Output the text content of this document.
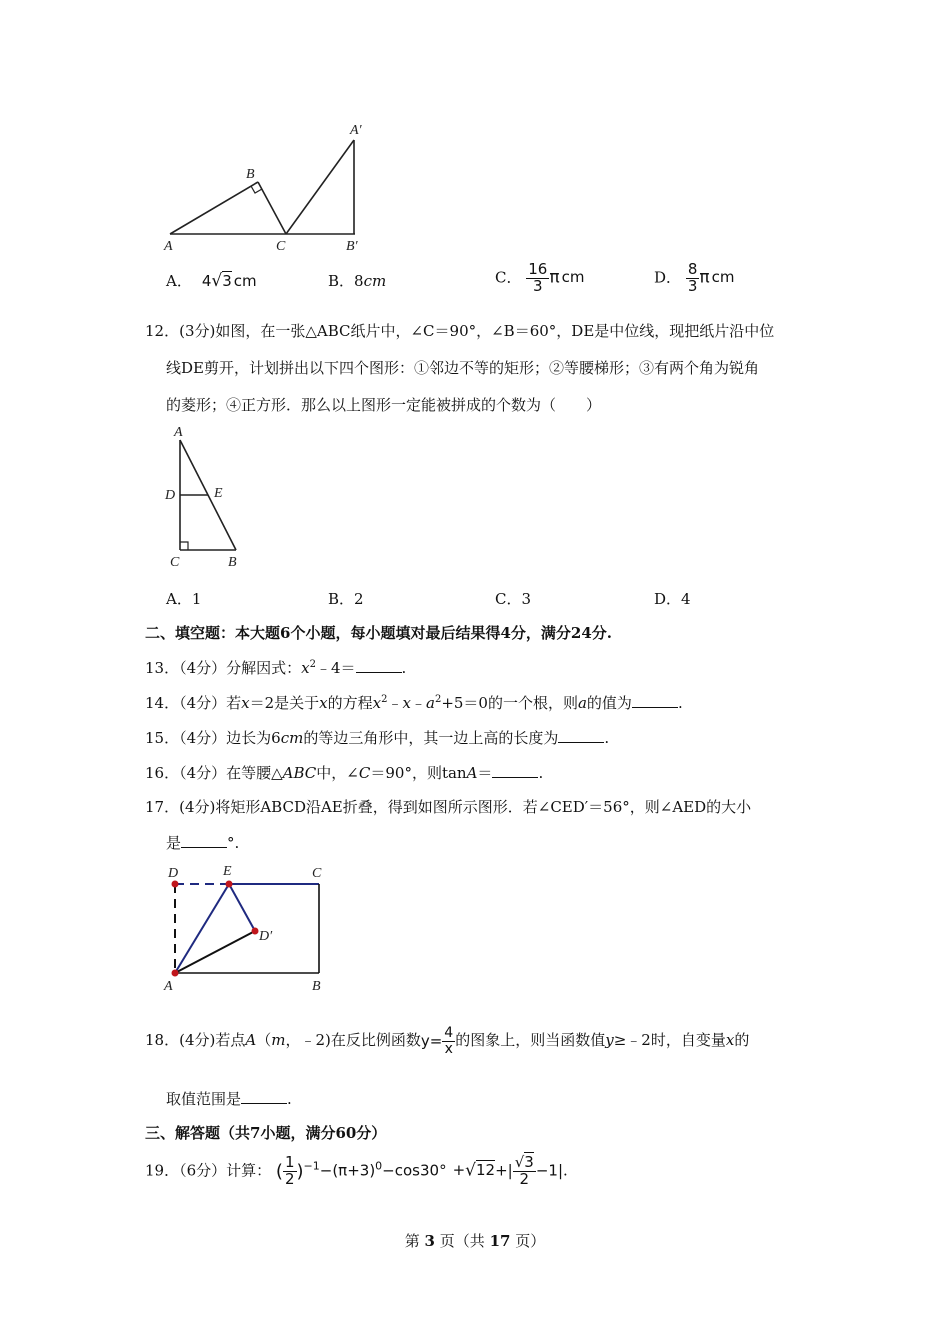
A
B
C
A′
B′
A． 4√3 cm	B．8cm	C． $\frac{16}{3}$ π cm	D． $\frac{8}{3}$ π cm
12．(3分)如图，在一张△ABC纸片中，∠C＝90°，∠B＝60°，DE是中位线，现把纸片沿中位
线DE剪开，计划拼出以下四个图形：①邻边不等的矩形；②等腰梯形；③有两个角为锐角
的菱形；④正方形．那么以上图形一定能被拼成的个数为（　　）
A
D	E
C	B
A．1	B．2	C．3	D．4
二、填空题：本大题6个小题，每小题填对最后结果得4分，满分24分.
13．（4分）分解因式：$x^2﹣4=$	.
14．（4分）若x＝2是关于x的方程$x^2﹣x﹣a^2+5=0$的一个根，则a的值为	.
15．（4分）边长为6cm的等边三角形中，其一边上高的长度为	.
16．（4分）在等腰△ABC中，∠C＝90°，则tanA＝	.
17．(4分)将矩形ABCD沿AE折叠，得到如图所示图形．若∠CED′＝56°，则∠AED的大小
是	°.
D	E	C
D′
A	B
18．(4分)若点A（m，﹣2)在反比例函数$y= \frac{4}{x}$ 的图象上，则当函数值y≥﹣2时，自变量x的
取值范围是	.
三、解答题（共7小题，满分60分）
19．（6分）计算： ( $\frac{1}{2} )^{-1}-(\pi+3)^0-\cos 30^\circ +√12+| \frac{√3}{2} -1|$.
第 3 页（共 17 页）
